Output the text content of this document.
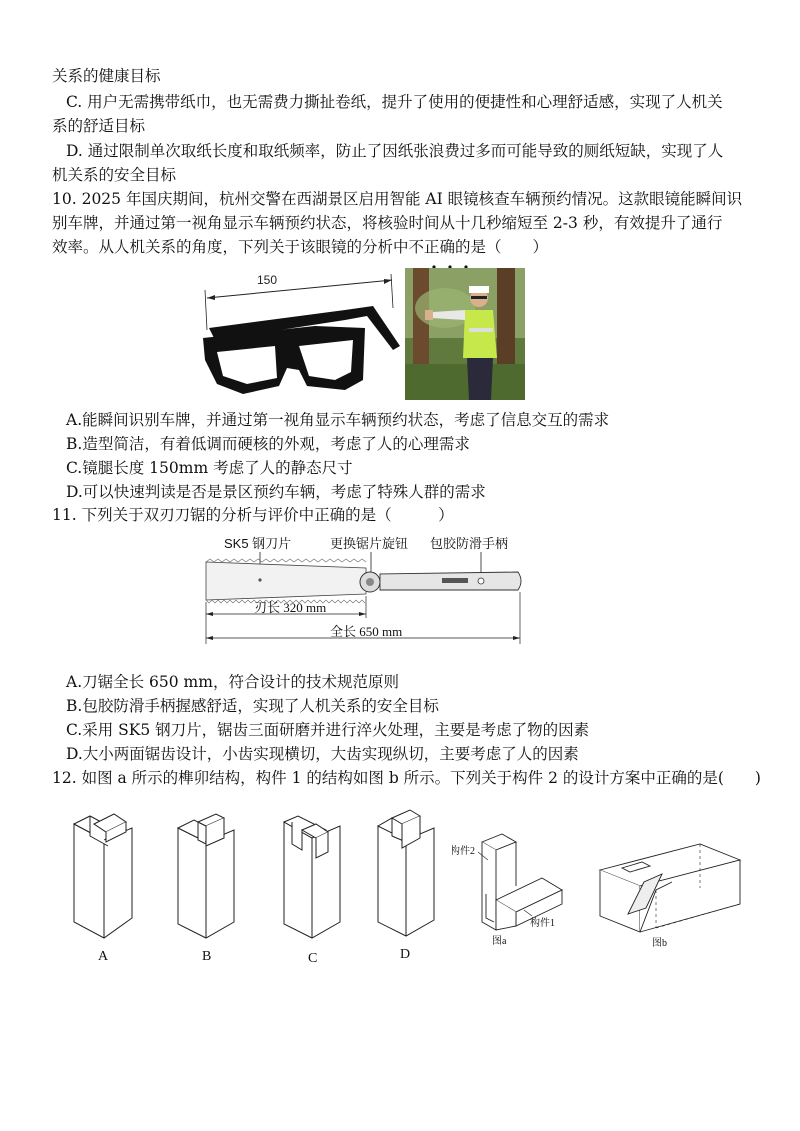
关系的健康目标
C. 用户无需携带纸巾，也无需费力撕扯卷纸，提升了使用的便捷性和心理舒适感，实现了人机关
系的舒适目标
D. 通过限制单次取纸长度和取纸频率，防止了因纸张浪费过多而可能导致的厕纸短缺，实现了人
机关系的安全目标
10. 2025 年国庆期间，杭州交警在西湖景区启用智能 AI 眼镜核查车辆预约情况。这款眼镜能瞬间识
别车牌，并通过第一视角显示车辆预约状态，将核验时间从十几秒缩短至 2-3 秒，有效提升了通行
效率。从人机关系的角度，下列关于该眼镜的分析中不正确的是（　　）
150
A.能瞬间识别车牌，并通过第一视角显示车辆预约状态，考虑了信息交互的需求
B.造型简洁，有着低调而硬核的外观，考虑了人的心理需求
C.镜腿长度 150mm 考虑了人的静态尺寸
D.可以快速判读是否是景区预约车辆，考虑了特殊人群的需求
11. 下列关于双刃刀锯的分析与评价中正确的是（　　　）
SK5 钢刀片	更换锯片旋钮 包胶防滑手柄
刃长 320 mm
全长 650 mm
A.刀锯全长 650 mm，符合设计的技术规范原则
B.包胶防滑手柄握感舒适，实现了人机关系的安全目标
C.采用 SK5 钢刀片，锯齿三面研磨并进行淬火处理，主要是考虑了物的因素
D.大小两面锯齿设计，小齿实现横切，大齿实现纵切，主要考虑了人的因素
12. 如图 a 所示的榫卯结构，构件 1 的结构如图 b 所示。下列关于构件 2 的设计方案中正确的是(　　)
A	B	C	D
构件2
构件1
图a	图b
